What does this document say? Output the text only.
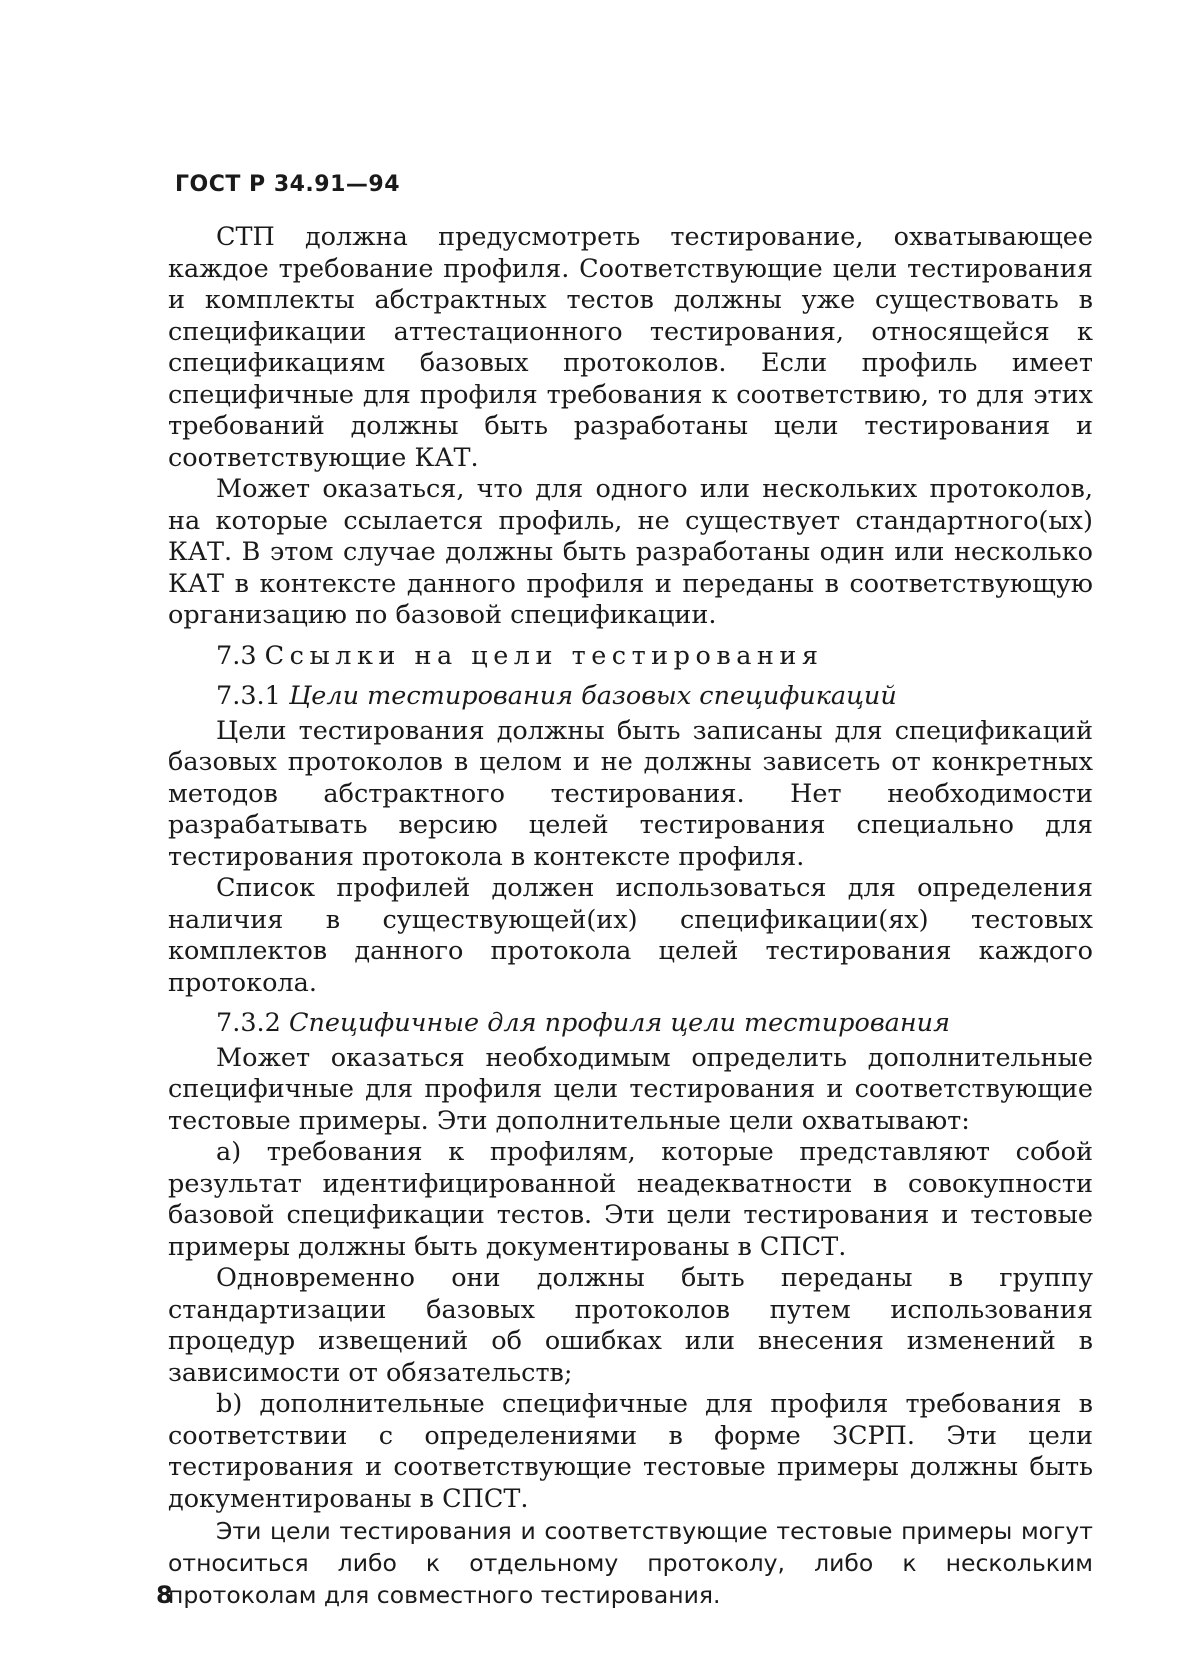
ГОСТ Р 34.91—94

СТП должна предусмотреть тестирование, охватывающее каждое требование профиля. Соответствующие цели тестирования и комплекты абстрактных тестов должны уже существовать в спецификации аттестационного тестирования, относящейся к спецификациям базовых протоколов. Если профиль имеет специфичные для профиля требования к соответствию, то для этих требований должны быть разработаны цели тестирования и соответствующие КАТ.

Может оказаться, что для одного или нескольких протоколов, на которые ссылается профиль, не существует стандартного(ых) КАТ. В этом случае должны быть разработаны один или несколько КАТ в контексте данного профиля и переданы в соответствующую организацию по базовой спецификации.

7.3 Ссылки на цели тестирования
7.3.1 Цели тестирования базовых спецификаций

Цели тестирования должны быть записаны для спецификаций базовых протоколов в целом и не должны зависеть от конкретных методов абстрактного тестирования. Нет необходимости разрабатывать версию целей тестирования специально для тестирования протокола в контексте профиля.

Список профилей должен использоваться для определения наличия в существующей(их) спецификации(ях) тестовых комплектов данного протокола целей тестирования каждого протокола.

7.3.2 Специфичные для профиля цели тестирования

Может оказаться необходимым определить дополнительные специфичные для профиля цели тестирования и соответствующие тестовые примеры. Эти дополнительные цели охватывают:

a) требования к профилям, которые представляют собой результат идентифицированной неадекватности в совокупности базовой спецификации тестов. Эти цели тестирования и тестовые примеры должны быть документированы в СПСТ.

Одновременно они должны быть переданы в группу стандартизации базовых протоколов путем использования процедур извещений об ошибках или внесения изменений в зависимости от обязательств;

b) дополнительные специфичные для профиля требования в соответствии с определениями в форме ЗСРП. Эти цели тестирования и соответствующие тестовые примеры должны быть документированы в СПСТ.

Эти цели тестирования и соответствующие тестовые примеры могут относиться либо к отдельному протоколу, либо к нескольким протоколам для совместного тестирования.

8
